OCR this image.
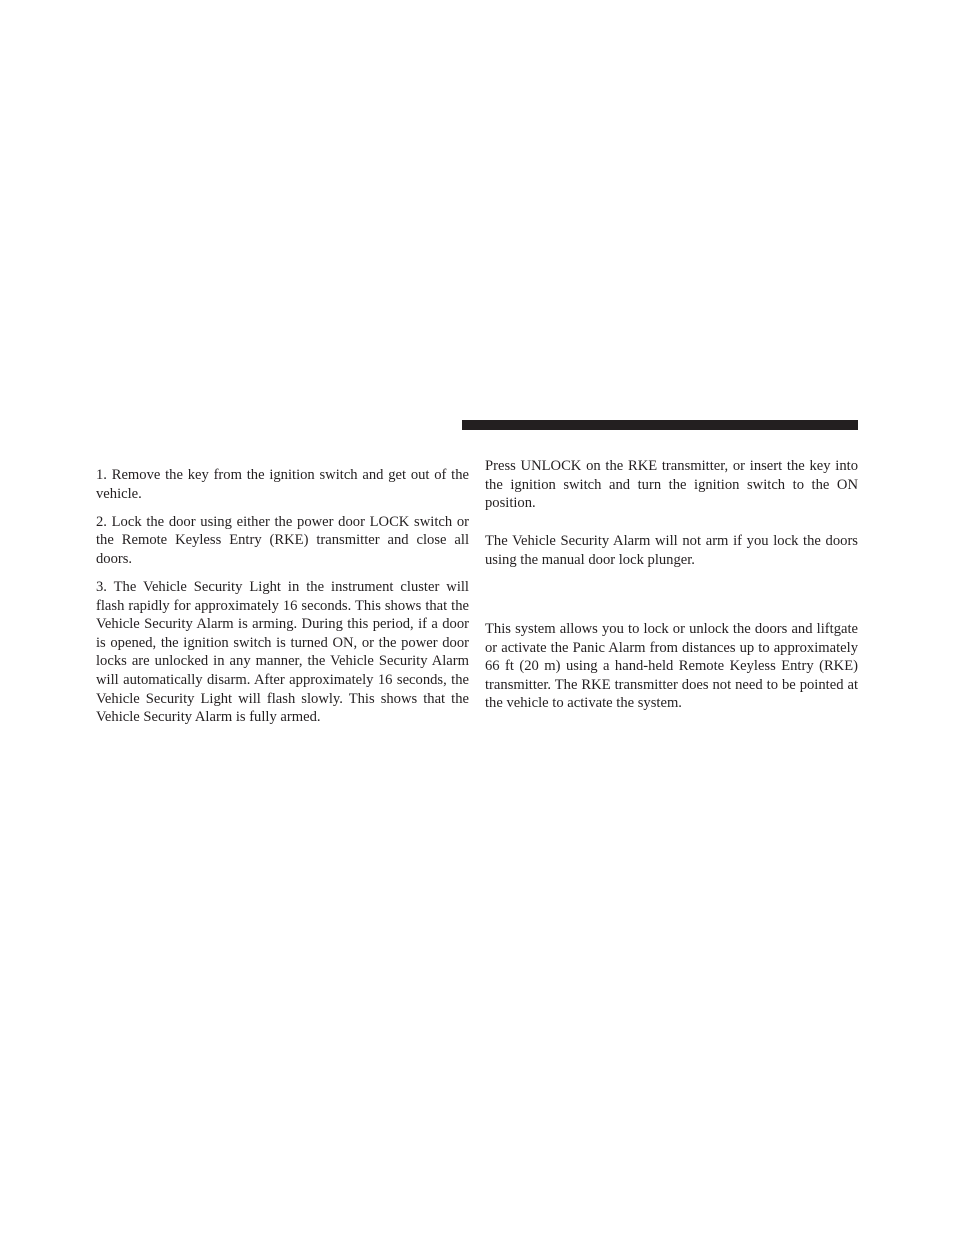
1. Remove the key from the ignition switch and get out of the vehicle.

2. Lock the door using either the power door LOCK switch or the Remote Keyless Entry (RKE) transmitter and close all doors.

3. The Vehicle Security Light in the instrument cluster will flash rapidly for approximately 16 seconds. This shows that the Vehicle Security Alarm is arming. During this period, if a door is opened, the ignition switch is turned ON, or the power door locks are unlocked in any manner, the Vehicle Security Alarm will automatically disarm. After approximately 16 seconds, the Vehicle Security Light will flash slowly. This shows that the Vehicle Security Alarm is fully armed.

Press UNLOCK on the RKE transmitter, or insert the key into the ignition switch and turn the ignition switch to the ON position.

The Vehicle Security Alarm will not arm if you lock the doors using the manual door lock plunger.

This system allows you to lock or unlock the doors and liftgate or activate the Panic Alarm from distances up to approximately 66 ft (20 m) using a hand-held Remote Keyless Entry (RKE) transmitter. The RKE transmitter does not need to be pointed at the vehicle to activate the system.
